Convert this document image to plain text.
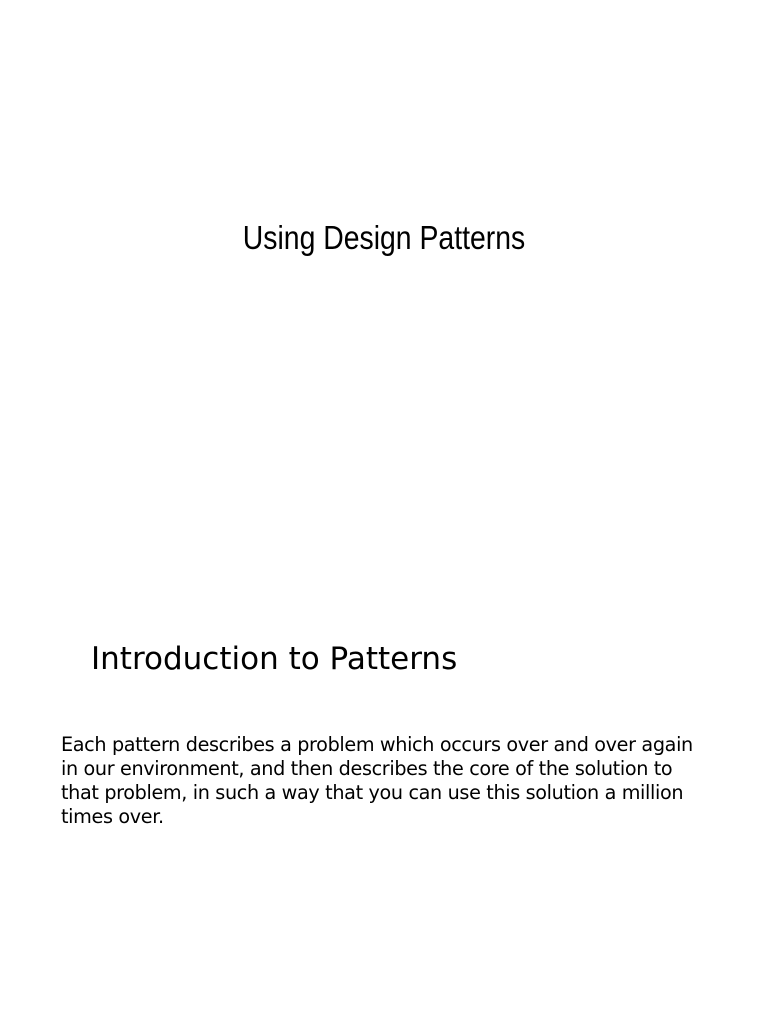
Using Design Patterns
Introduction to Patterns

Each pattern describes a problem which occurs over and over again in our environment, and then describes the core of the solution to that problem, in such a way that you can use this solution a million times over.
